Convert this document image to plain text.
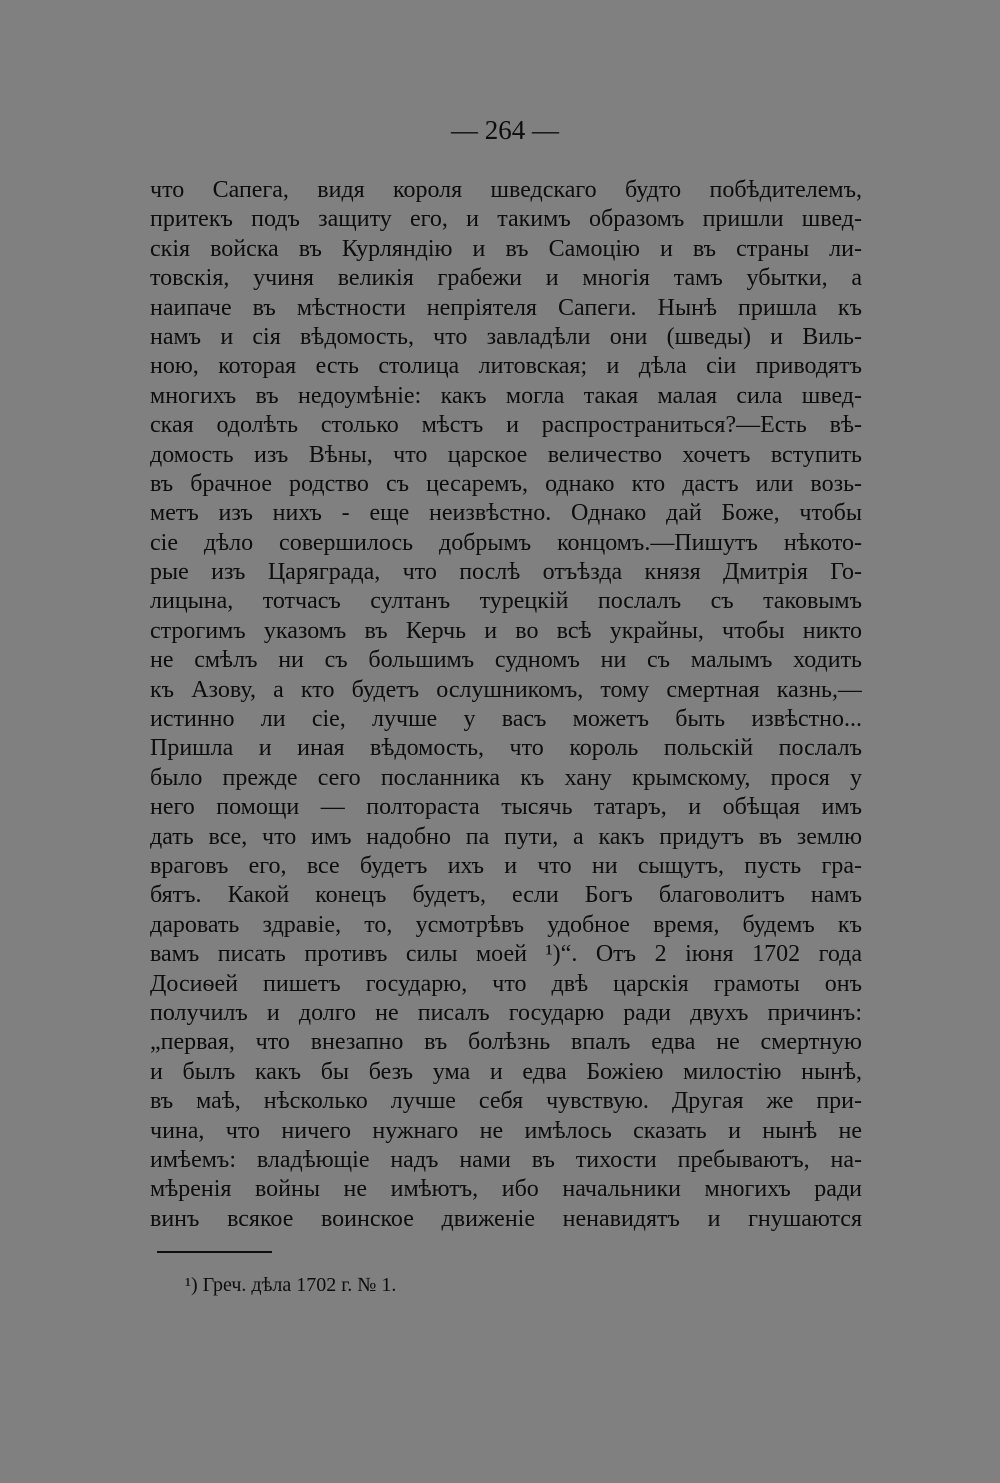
— 264 —
что Сапега, видя короля шведскаго будто побѣдителемъ,
притекъ подъ защиту его, и такимъ образомъ пришли швед-
скія войска въ Курляндію и въ Самоцію и въ страны ли-
товскія, учиня великія грабежи и многія тамъ убытки, а
наипаче въ мѣстности непріятеля Сапеги. Нынѣ пришла къ
намъ и сія вѣдомость, что завладѣли они (шведы) и Виль-
ною, которая есть столица литовская; и дѣла сіи приводятъ
многихъ въ недоумѣніе: какъ могла такая малая сила швед-
ская одолѣть столько мѣстъ и распространиться?—Есть вѣ-
домость изъ Вѣны, что царское величество хочетъ вступить
въ брачное родство съ цесаремъ, однако кто дастъ или возь-
метъ изъ нихъ - еще неизвѣстно. Однако дай Боже, чтобы
сіе дѣло совершилось добрымъ концомъ.—Пишутъ нѣкото-
рые изъ Царяграда, что послѣ отъѣзда князя Дмитрія Го-
лицына, тотчасъ султанъ турецкій послалъ съ таковымъ
строгимъ указомъ въ Керчь и во всѣ украйны, чтобы никто
не смѣлъ ни съ большимъ судномъ ни съ малымъ ходить
къ Азову, а кто будетъ ослушникомъ, тому смертная казнь,—
истинно ли сіе, лучше у васъ можетъ быть извѣстно...
Пришла и иная вѣдомость, что король польскій послалъ
было прежде сего посланника къ хану крымскому, прося у
него помощи — полтораста тысячь татаръ, и обѣщая имъ
дать все, что имъ надобно па пути, а какъ придутъ въ землю
враговъ его, все будетъ ихъ и что ни сыщутъ, пусть гра-
бятъ. Какой конецъ будетъ, если Богъ благоволитъ намъ
даровать здравіе, то, усмотрѣвъ удобное время, будемъ къ
вамъ писать противъ силы моей ¹)“. Отъ 2 іюня 1702 года
Досиѳей пишетъ государю, что двѣ царскія грамоты онъ
получилъ и долго не писалъ государю ради двухъ причинъ:
„первая, что внезапно въ болѣзнь впалъ едва не смертную
и былъ какъ бы безъ ума и едва Божіею милостію нынѣ,
въ маѣ, нѣсколько лучше себя чувствую. Другая же при-
чина, что ничего нужнаго не имѣлось сказать и нынѣ не
имѣемъ: владѣющіе надъ нами въ тихости пребываютъ, на-
мѣренія войны не имѣютъ, ибо начальники многихъ ради
винъ всякое воинское движеніе ненавидятъ и гнушаются
¹) Греч. дѣла 1702 г. № 1.
